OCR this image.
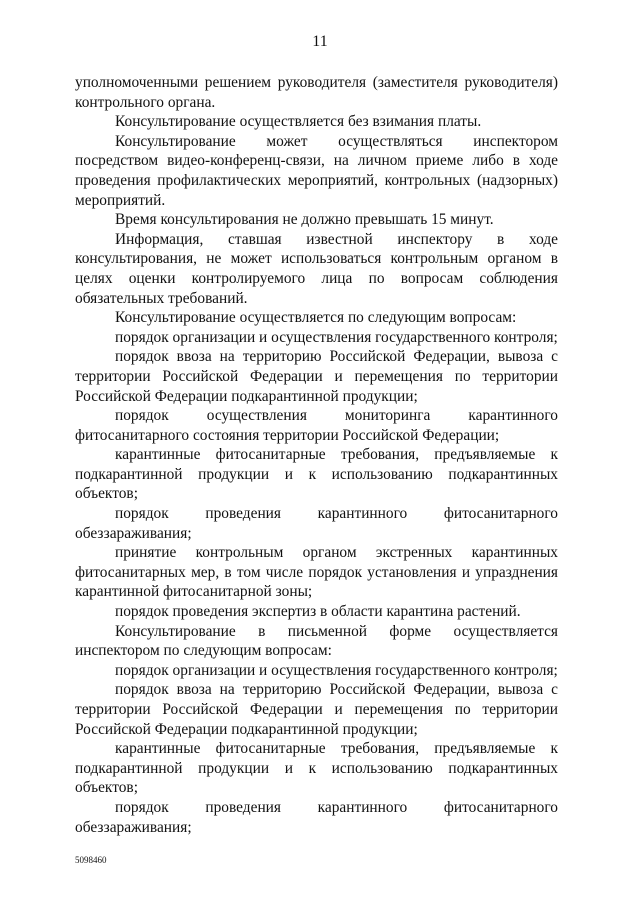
11

уполномоченными решением руководителя (заместителя руководителя) контрольного органа.

Консультирование осуществляется без взимания платы.

Консультирование может осуществляться инспектором посредством видео-конференц-связи, на личном приеме либо в ходе проведения профилактических мероприятий, контрольных (надзорных) мероприятий.

Время консультирования не должно превышать 15 минут.

Информация, ставшая известной инспектору в ходе консультирования, не может использоваться контрольным органом в целях оценки контролируемого лица по вопросам соблюдения обязательных требований.

Консультирование осуществляется по следующим вопросам:

порядок организации и осуществления государственного контроля;

порядок ввоза на территорию Российской Федерации, вывоза с территории Российской Федерации и перемещения по территории Российской Федерации подкарантинной продукции;

порядок осуществления мониторинга карантинного фитосанитарного состояния территории Российской Федерации;

карантинные фитосанитарные требования, предъявляемые к подкарантинной продукции и к использованию подкарантинных объектов;

порядок проведения карантинного фитосанитарного обеззараживания;

принятие контрольным органом экстренных карантинных фитосанитарных мер, в том числе порядок установления и упразднения карантинной фитосанитарной зоны;

порядок проведения экспертиз в области карантина растений.

Консультирование в письменной форме осуществляется инспектором по следующим вопросам:

порядок организации и осуществления государственного контроля;

порядок ввоза на территорию Российской Федерации, вывоза с территории Российской Федерации и перемещения по территории Российской Федерации подкарантинной продукции;

карантинные фитосанитарные требования, предъявляемые к подкарантинной продукции и к использованию подкарантинных объектов;

порядок проведения карантинного фитосанитарного обеззараживания;

5098460
